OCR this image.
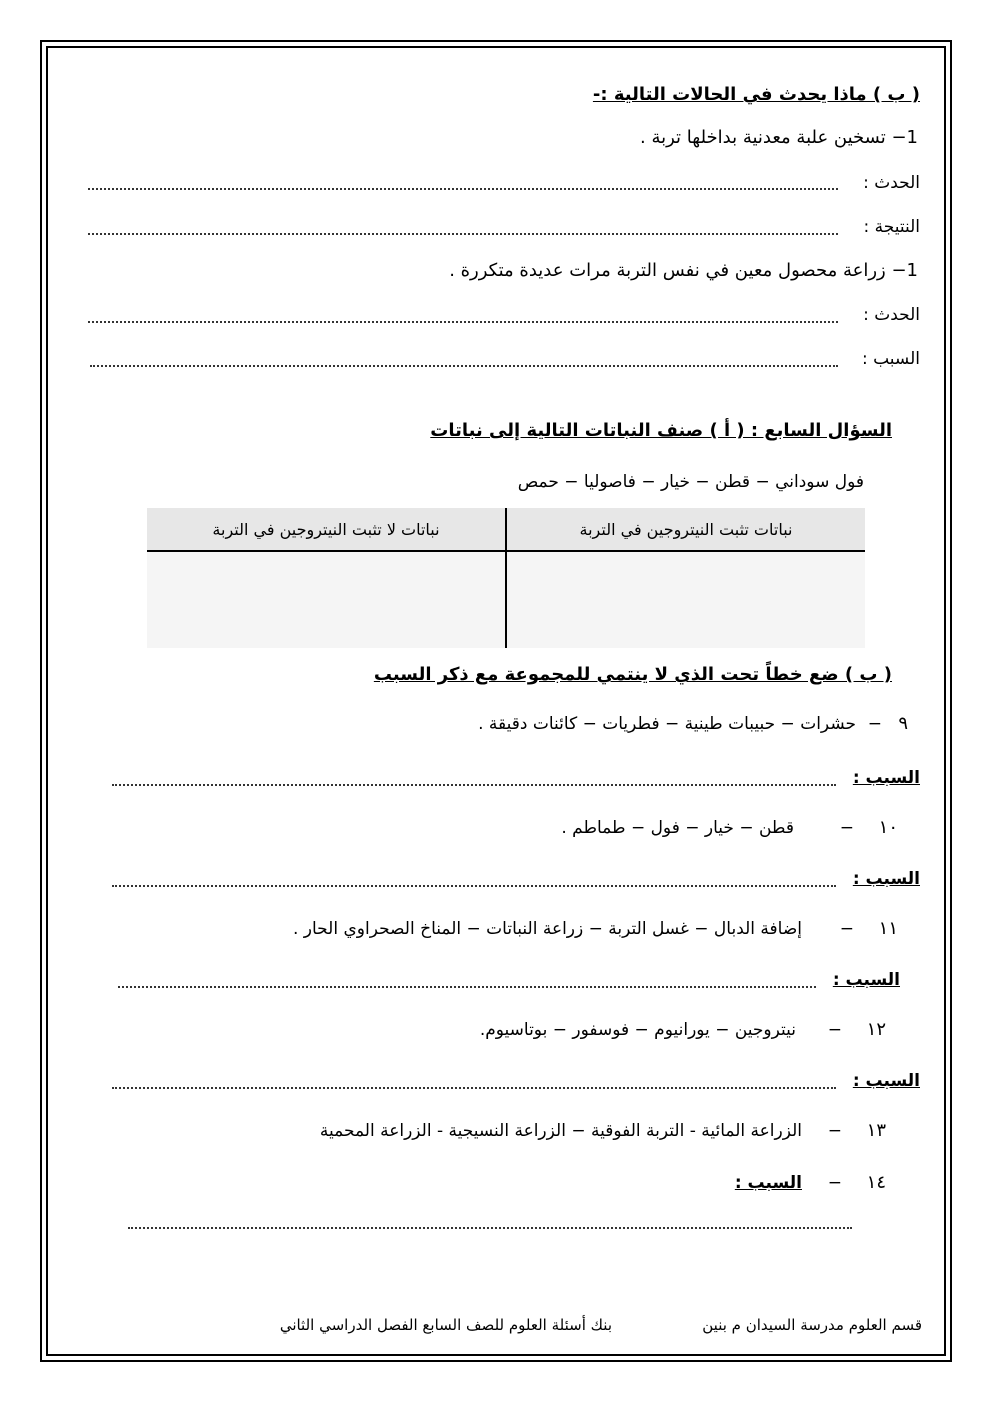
( ب ) ماذا يحدث في الحالات التالية :-
1− تسخين علبة معدنية بداخلها تربة .
الحدث :
النتيجة :
1− زراعة محصول معين في نفس التربة مرات عديدة متكررة .
الحدث :
السبب :
السؤال السابع : ( أ ) صنف النباتات التالية إلى نباتات
فول سوداني − قطن − خيار − فاصوليا − حمص
نباتات تثبت النيتروجين في التربة	نباتات لا تثبت النيتروجين في التربة

( ب ) ضع خطاً تحت الذي لا ينتمي للمجموعة مع ذكر السبب
٩
−
حشرات − حبيبات طينية − فطريات − كائنات دقيقة .
السبب :
١٠
−
قطن − خيار − فول − طماطم .
السبب :
١١
−
إضافة الدبال − غسل التربة − زراعة النباتات − المناخ الصحراوي الحار .
السبب :
١٢
−
نيتروجين − يورانيوم − فوسفور − بوتاسيوم.
السبب :
١٣
−
الزراعة المائية - التربة الفوقية − الزراعة النسيجية - الزراعة المحمية
١٤
−
السبب :
قسم العلوم مدرسة السيدان م بنين
بنك أسئلة العلوم للصف السابع الفصل الدراسي الثاني
